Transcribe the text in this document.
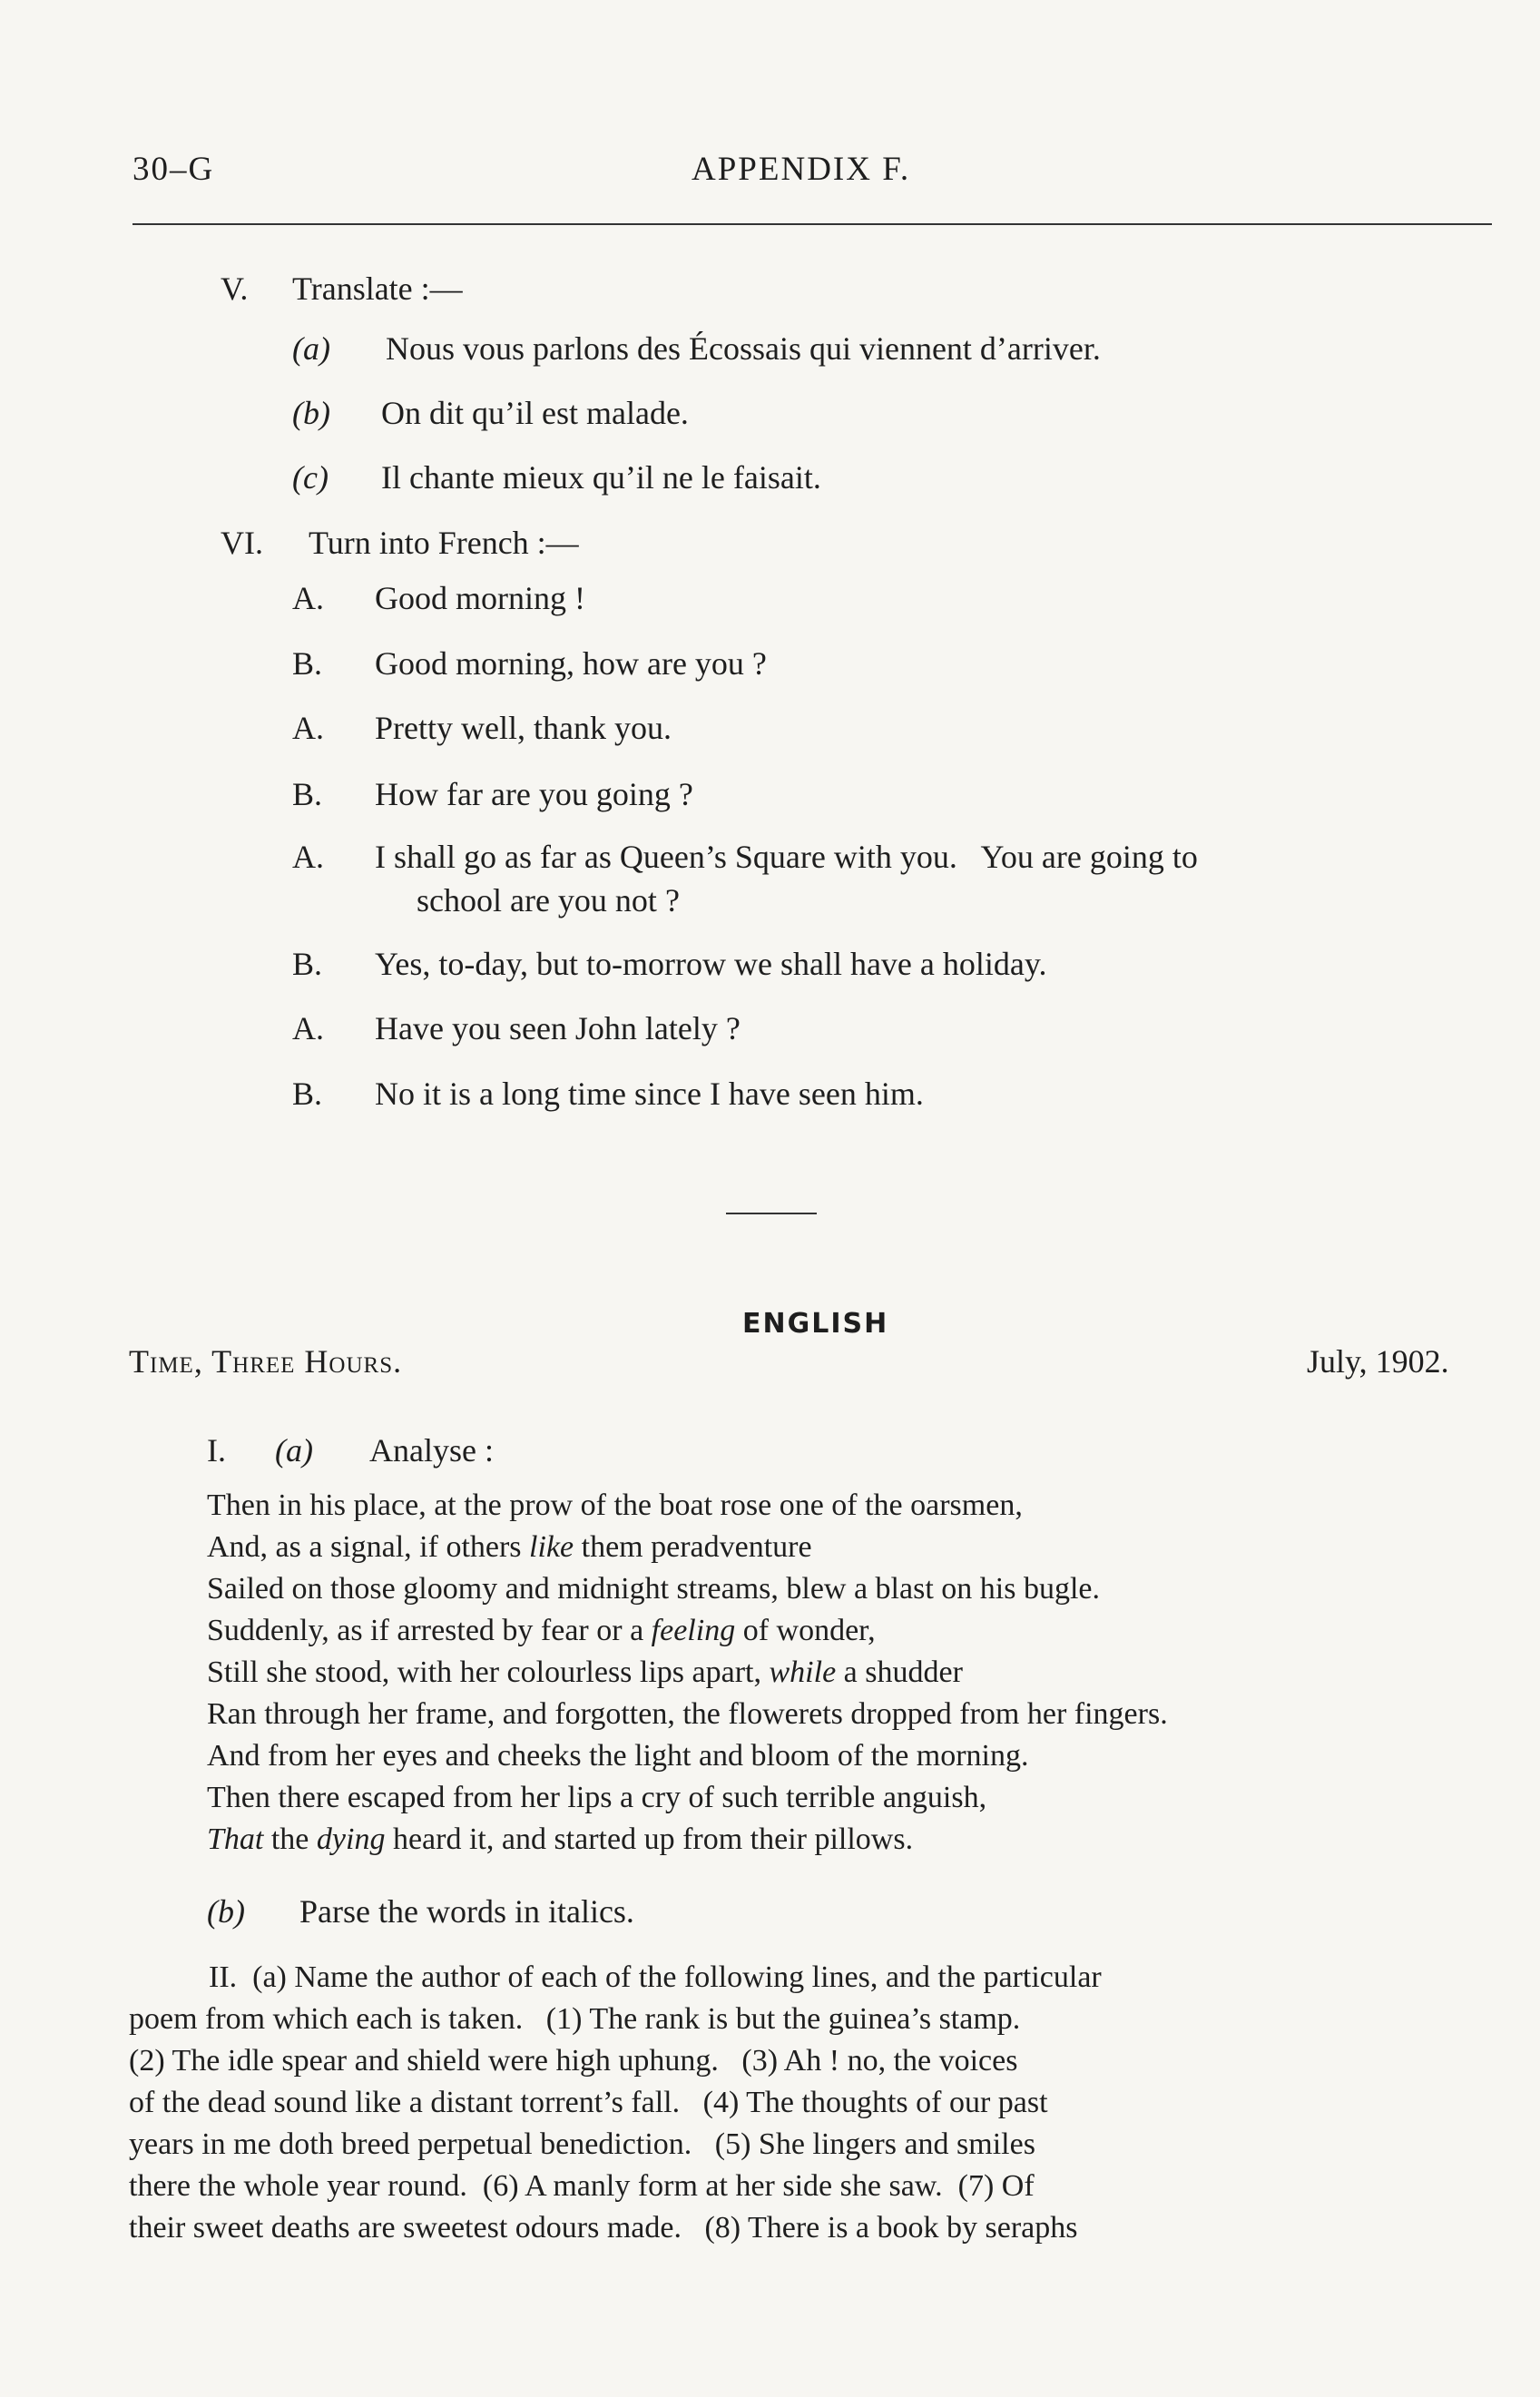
30–G	APPENDIX F.
V. Translate :—
(a) Nous vous parlons des Écossais qui viennent d’arriver.
(b) On dit qu’il est malade.
(c) Il chante mieux qu’il ne le faisait.
VI. Turn into French :—
A. Good morning !
B. Good morning, how are you ?
A. Pretty well, thank you.
B. How far are you going ?
A. I shall go as far as Queen’s Square with you.   You are going to
school are you not ?
B. Yes, to-day, but to-morrow we shall have a holiday.
A. Have you seen John lately ?
B. No it is a long time since I have seen him.
ENGLISH
Time, Three Hours.	July, 1902.
I. (a) Analyse :
Then in his place, at the prow of the boat rose one of the oarsmen,
And, as a signal, if others like them peradventure
Sailed on those gloomy and midnight streams, blew a blast on his bugle.
Suddenly, as if arrested by fear or a feeling of wonder,
Still she stood, with her colourless lips apart, while a shudder
Ran through her frame, and forgotten, the flowerets dropped from her fingers.
And from her eyes and cheeks the light and bloom of the morning.
Then there escaped from her lips a cry of such terrible anguish,
That the dying heard it, and started up from their pillows.
(b) Parse the words in italics.
II.  (a) Name the author of each of the following lines, and the particular
poem from which each is taken.   (1) The rank is but the guinea’s stamp.
(2) The idle spear and shield were high uphung.   (3) Ah ! no, the voices
of the dead sound like a distant torrent’s fall.   (4) The thoughts of our past
years in me doth breed perpetual benediction.   (5) She lingers and smiles
there the whole year round.  (6) A manly form at her side she saw.  (7) Of
their sweet deaths are sweetest odours made.   (8) There is a book by seraphs
